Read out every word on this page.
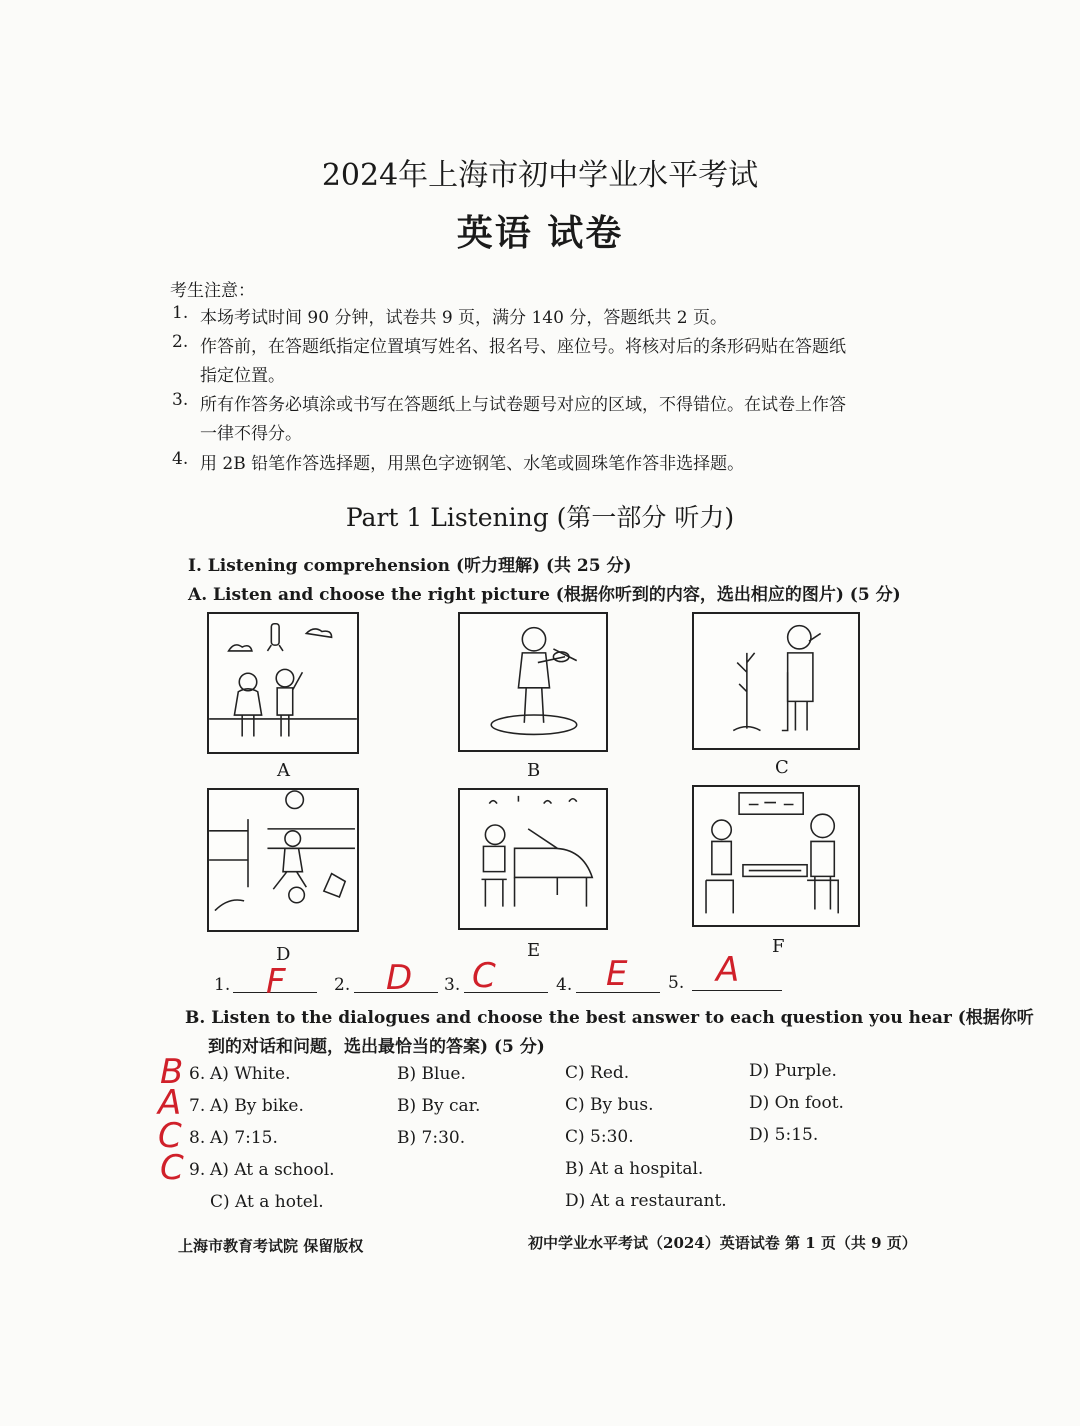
2024年上海市初中学业水平考试
英语 试卷
考生注意：
1. 本场考试时间 90 分钟，试卷共 9 页，满分 140 分，答题纸共 2 页。
2. 作答前，在答题纸指定位置填写姓名、报名号、座位号。将核对后的条形码贴在答题纸
指定位置。
3. 所有作答务必填涂或书写在答题纸上与试卷题号对应的区域，不得错位。在试卷上作答
一律不得分。
4. 用 2B 铅笔作答选择题，用黑色字迹钢笔、水笔或圆珠笔作答非选择题。
Part 1 Listening (第一部分 听力)
I. Listening comprehension (听力理解) (共 25 分)
A. Listen and choose the right picture (根据你听到的内容，选出相应的图片) (5 分)
A	B	C
D	E	F
1. F	2. D 3. C	4. E 5. A
B. Listen to the dialogues and choose the best answer to each question you hear (根据你听
到的对话和问题，选出最恰当的答案) (5 分)
B 6. A) White.	B) Blue.	C) Red.	D) Purple.
A 7. A) By bike.	B) By car.	C) By bus.	D) On foot.
C 8. A) 7:15.	B) 7:30.	C) 5:30.	D) 5:15.
C 9. A) At a school.	B) At a hospital.
C) At a hotel.	D) At a restaurant.
上海市教育考试院 保留版权	初中学业水平考试（2024）英语试卷 第 1 页（共 9 页）
